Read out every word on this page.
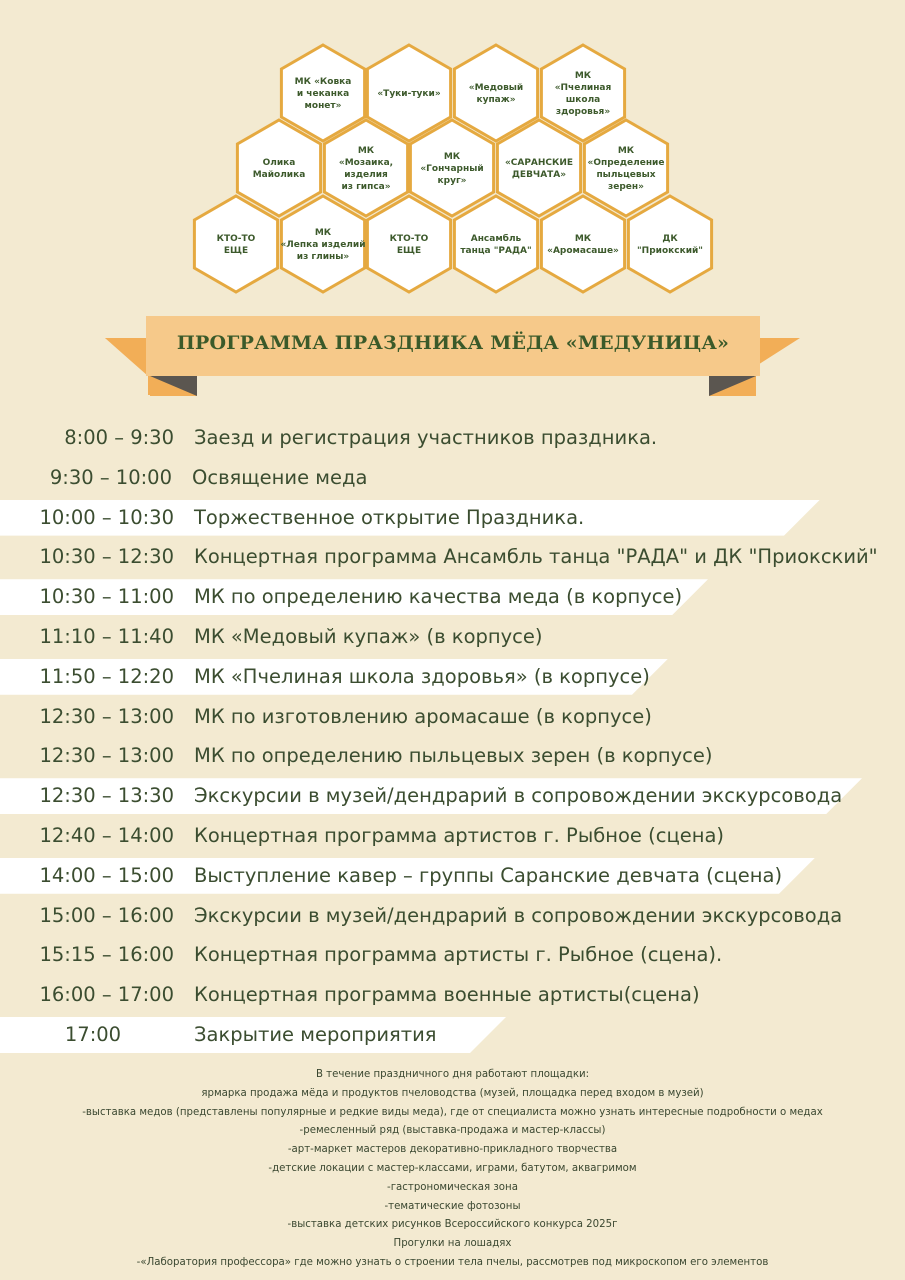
МК «Ковка
и чеканка
монет»
«Туки-туки»
«Медовый
купаж»
МК
«Пчелиная
школа
здоровья»
Олика
Майолика
МК
«Мозаика,
изделия
из гипса»
МК
«Гончарный
круг»
«САРАНСКИЕ
ДЕВЧАТА»
МК
«Определение
пыльцевых
зерен»
КТО-ТО
ЕЩЕ
МК
«Лепка изделий
из глины»
КТО-ТО
ЕЩЕ
Ансамбль
танца "РАДА"
МК
«Аромасаше»
ДК
"Приокский"
ПРОГРАММА ПРАЗДНИКА МЁДА «МЕДУНИЦА»
8:00 – 9:30 Заезд и регистрация участников праздника.
9:30 – 10:00 Освящение меда
10:00 – 10:30 Торжественное открытие Праздника.
10:30 – 12:30 Концертная программа Ансамбль танца "РАДА" и ДК "Приокский"
10:30 – 11:00 МК по определению качества меда (в корпусе)
11:10 – 11:40 МК «Медовый купаж» (в корпусе)
11:50 – 12:20 МК «Пчелиная школа здоровья» (в корпусе)
12:30 – 13:00 МК по изготовлению аромасаше (в корпусе)
12:30 – 13:00 МК по определению пыльцевых зерен (в корпусе)
12:30 – 13:30 Экскурсии в музей/дендрарий в сопровождении экскурсовода
12:40 – 14:00 Концертная программа артистов г. Рыбное (сцена)
14:00 – 15:00 Выступление кавер – группы Саранские девчата (сцена)
15:00 – 16:00 Экскурсии в музей/дендрарий в сопровождении экскурсовода
15:15 – 16:00 Концертная программа артисты г. Рыбное (сцена).
16:00 – 17:00 Концертная программа военные артисты(сцена)
17:00	Закрытие мероприятия
В течение праздничного дня работают площадки:
ярмарка продажа мёда и продуктов пчеловодства (музей, площадка перед входом в музей)
-выставка медов (представлены популярные и редкие виды меда), где от специалиста можно узнать интересные подробности о медах
-ремесленный ряд (выставка-продажа и мастер-классы)
-арт-маркет мастеров декоративно-прикладного творчества
-детские локации с мастер-классами, играми, батутом, аквагримом
-гастрономическая зона
-тематические фотозоны
-выставка детских рисунков Всероссийского конкурса 2025г
Прогулки на лошадях
-«Лаборатория профессора» где можно узнать о строении тела пчелы, рассмотрев под микроскопом его элементов
